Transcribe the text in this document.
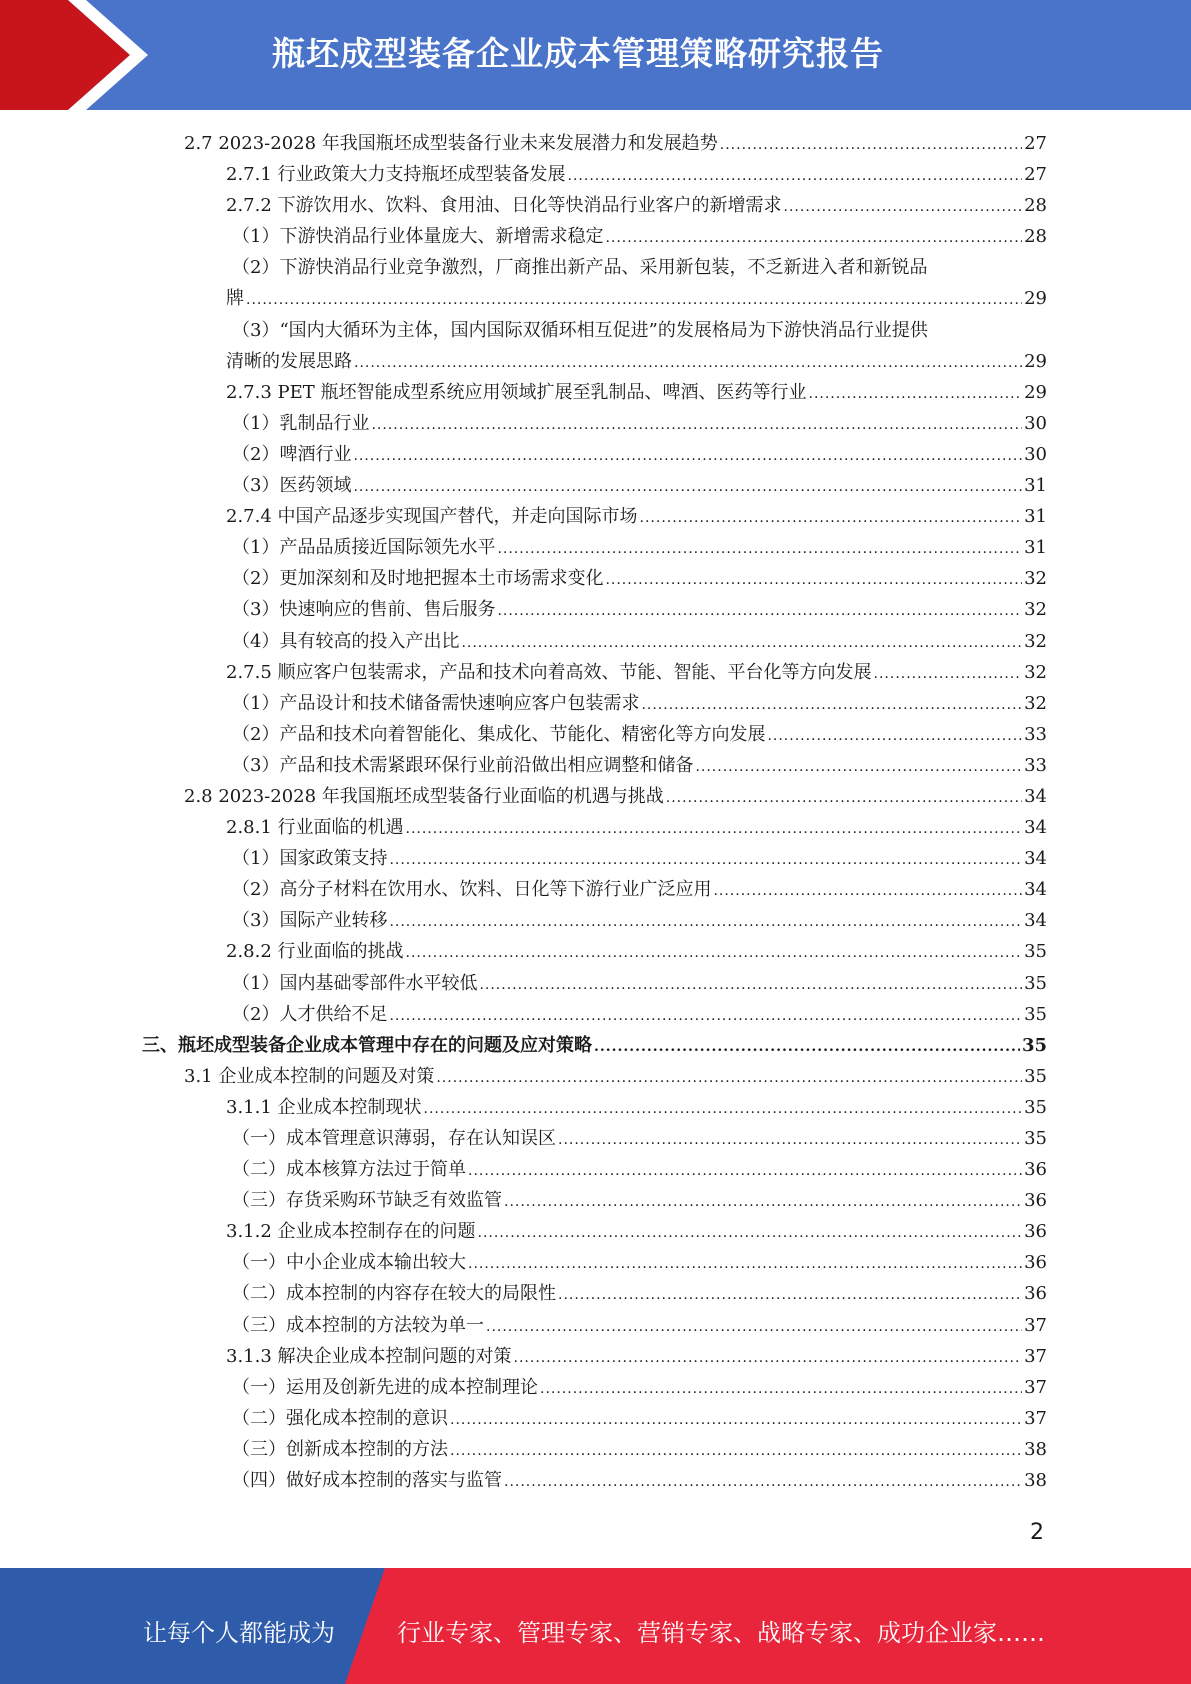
瓶坯成型装备企业成本管理策略研究报告
2.7 2023-2028 年我国瓶坯成型装备行业未来发展潜力和发展趋势 .....	27
2.7.1 行业政策大力支持瓶坯成型装备发展 .....	27
2.7.2 下游饮用水、饮料、食用油、日化等快消品行业客户的新增需求 .....	28
（1）下游快消品行业体量庞大、新增需求稳定 .....	28
（2）下游快消品行业竞争激烈，厂商推出新产品、采用新包装，不乏新进入者和新锐品
牌 .....	29
（3）“国内大循环为主体，国内国际双循环相互促进”的发展格局为下游快消品行业提供
清晰的发展思路 .....	29
2.7.3 PET 瓶坯智能成型系统应用领域扩展至乳制品、啤酒、医药等行业 .....	29
（1）乳制品行业 .....	30
（2）啤酒行业 .....	30
（3）医药领域 .....	31
2.7.4 中国产品逐步实现国产替代，并走向国际市场 .....	31
（1）产品品质接近国际领先水平 .....	31
（2）更加深刻和及时地把握本土市场需求变化 .....	32
（3）快速响应的售前、售后服务 .....	32
（4）具有较高的投入产出比 .....	32
2.7.5 顺应客户包装需求，产品和技术向着高效、节能、智能、平台化等方向发展 .....	32
（1）产品设计和技术储备需快速响应客户包装需求 .....	32
（2）产品和技术向着智能化、集成化、节能化、精密化等方向发展 .....	33
（3）产品和技术需紧跟环保行业前沿做出相应调整和储备 .....	33
2.8 2023-2028 年我国瓶坯成型装备行业面临的机遇与挑战 .....	34
2.8.1 行业面临的机遇 .....	34
（1）国家政策支持 .....	34
（2）高分子材料在饮用水、饮料、日化等下游行业广泛应用 .....	34
（3）国际产业转移 .....	34
2.8.2 行业面临的挑战 .....	35
（1）国内基础零部件水平较低 .....	35
（2）人才供给不足 .....	35
三、瓶坯成型装备企业成本管理中存在的问题及应对策略 .....	35
3.1 企业成本控制的问题及对策 .....	35
3.1.1 企业成本控制现状 .....	35
（一）成本管理意识薄弱，存在认知误区 .....	35
（二）成本核算方法过于简单 .....	36
（三）存货采购环节缺乏有效监管 .....	36
3.1.2 企业成本控制存在的问题 .....	36
（一）中小企业成本输出较大 .....	36
（二）成本控制的内容存在较大的局限性 .....	36
（三）成本控制的方法较为单一 .....	37
3.1.3 解决企业成本控制问题的对策 .....	37
（一）运用及创新先进的成本控制理论 .....	37
（二）强化成本控制的意识 .....	37
（三）创新成本控制的方法 .....	38
（四）做好成本控制的落实与监管 .....	38
2
让每个人都能成为	行业专家、管理专家、营销专家、战略专家、成功企业家……
